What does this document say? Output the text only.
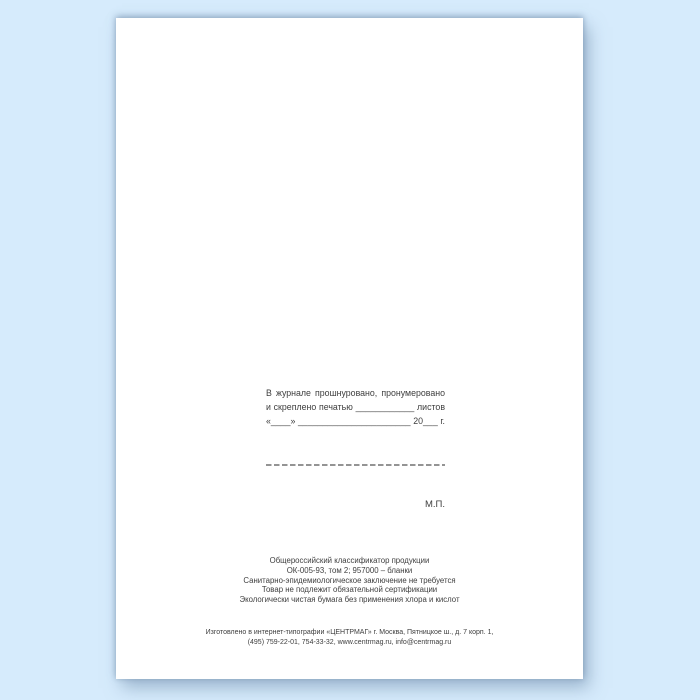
В журнале прошнуровано, пронумеровано
и скреплено печатью ____________ листов
«____» _______________________ 20___ г.
М.П.
Общероссийский классификатор продукции
ОК-005-93, том 2; 957000 – бланки
Санитарно-эпидемиологическое заключение не требуется
Товар не подлежит обязательной сертификации
Экологически чистая бумага без применения хлора и кислот
Изготовлено в интернет-типографии «ЦЕНТРМАГ» г. Москва, Пятницкое ш., д. 7 корп. 1,
(495) 759-22-01, 754-33-32, www.centrmag.ru, info@centrmag.ru
